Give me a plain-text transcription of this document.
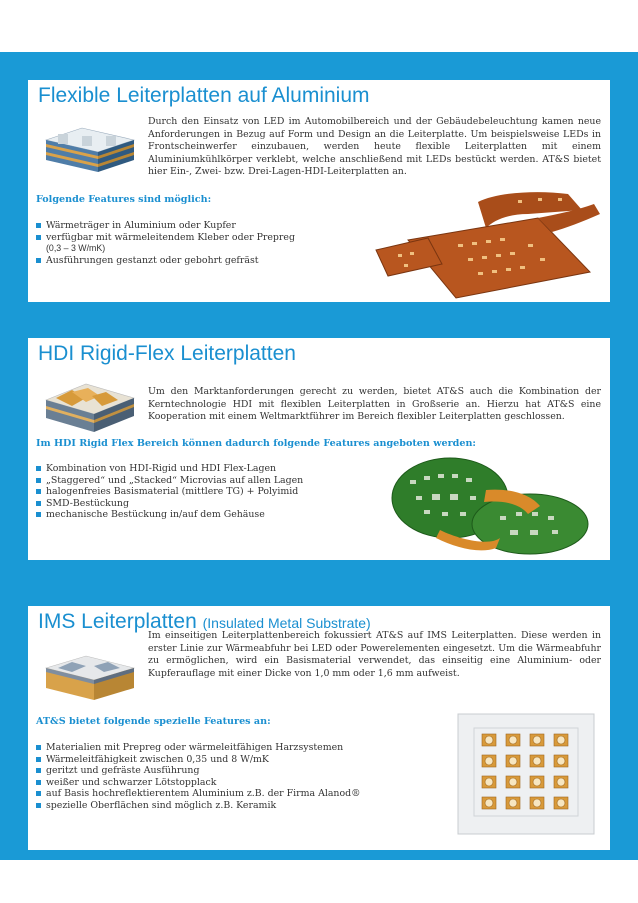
Flexible Leiterplatten auf Aluminium
Durch den Einsatz von LED im Automobilbereich und der Gebäudebeleuchtung kamen neue Anforderungen in Bezug auf Form und Design an die Leiterplatte. Um beispielsweise LEDs in Frontscheinwerfer einzubauen, werden heute flexible Leiterplatten mit einem Aluminiumkühlkörper verklebt, welche anschließend mit LEDs bestückt werden. AT&S bietet hier Ein-, Zwei- bzw. Drei-Lagen-HDI-Leiterplatten an.
Folgende Features sind möglich:
Wärmeträger in Aluminium oder Kupfer
verfügbar mit wärmeleitendem Kleber oder Prepreg
(0,3 – 3 W/mK)
Ausführungen gestanzt oder gebohrt gefräst
HDI Rigid-Flex Leiterplatten
Um den Marktanforderungen gerecht zu werden, bietet AT&S auch die Kombination der Kerntechnologie HDI mit flexiblen Leiterplatten in Großserie an. Hierzu hat AT&S eine Kooperation mit einem Weltmarktführer im Bereich flexibler Leiterplatten geschlossen.
Im HDI Rigid Flex Bereich können dadurch folgende Features angeboten werden:
Kombination von HDI-Rigid und HDI Flex-Lagen
„Staggered“ und „Stacked“ Microvias auf allen Lagen
halogenfreies Basismaterial (mittlere TG) + Polyimid
SMD-Bestückung
mechanische Bestückung in/auf dem Gehäuse
IMS Leiterplatten (Insulated Metal Substrate)
Im einseitigen Leiterplattenbereich fokussiert AT&S auf IMS Leiterplatten. Diese werden in erster Linie zur Wärmeabfuhr bei LED oder Powerelementen eingesetzt. Um die Wärmeabfuhr zu ermöglichen, wird ein Basismaterial verwendet, das einseitig eine Aluminium- oder Kupferauflage mit einer Dicke von 1,0 mm oder 1,6 mm aufweist.
AT&S bietet folgende spezielle Features an:
Materialien mit Prepreg oder wärmeleitfähigen Harzsystemen
Wärmeleitfähigkeit zwischen 0,35 und 8 W/mK
geritzt und gefräste Ausführung
weißer und schwarzer Lötstopplack
auf Basis hochreflektierentem Aluminium z.B. der Firma Alanod®
spezielle Oberflächen sind möglich z.B. Keramik
